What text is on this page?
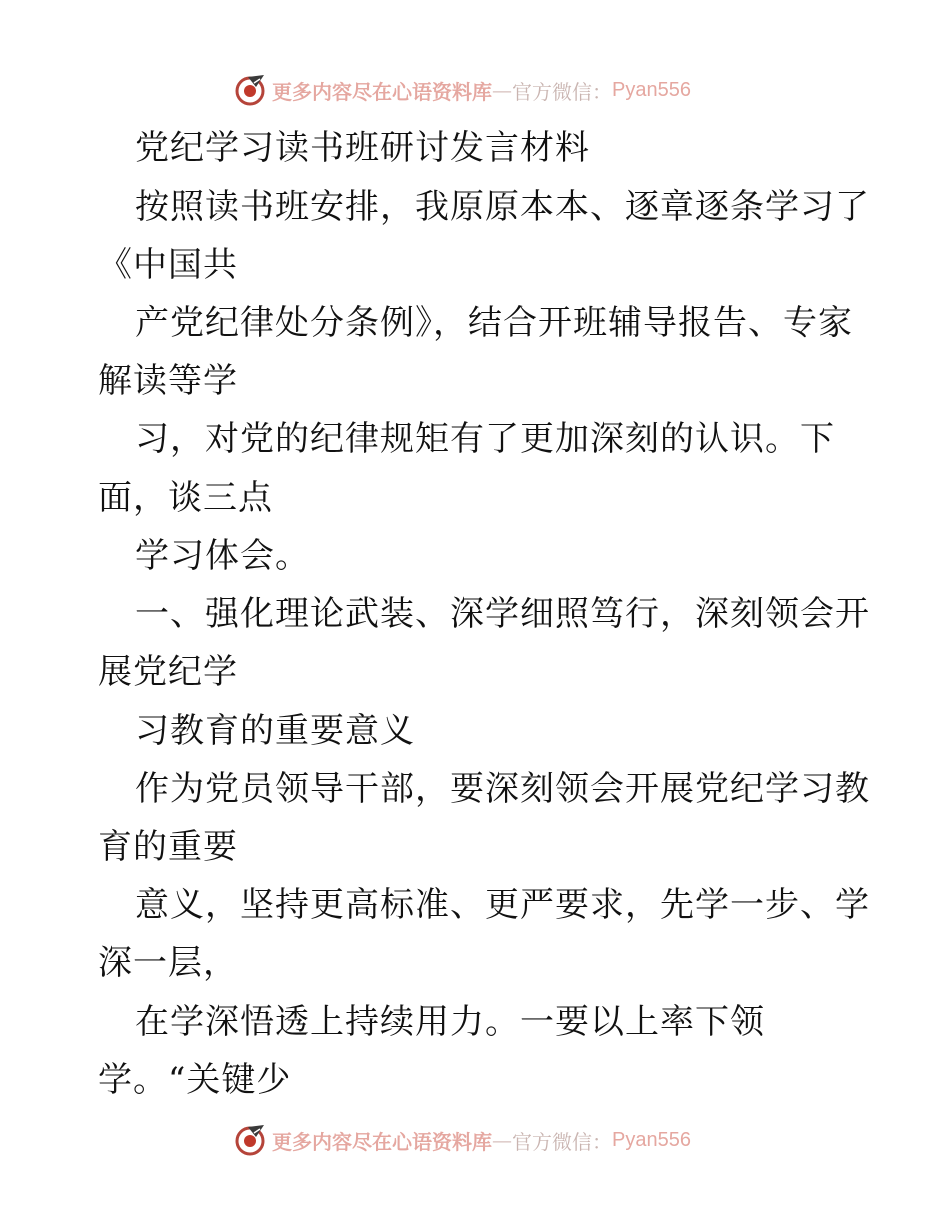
更多内容尽在心语资料库 — 官方微信： Pyan556
党纪学习读书班研讨发言材料
按照读书班安排，我原原本本、逐章逐条学习了
《中国共
产党纪律处分条例》，结合开班辅导报告、专家
解读等学
习，对党的纪律规矩有了更加深刻的认识。下
面，谈三点
学习体会。
一、强化理论武装、深学细照笃行，深刻领会开
展党纪学
习教育的重要意义
作为党员领导干部，要深刻领会开展党纪学习教
育的重要
意义，坚持更高标准、更严要求，先学一步、学
深一层，
在学深悟透上持续用力。一要以上率下领
学。“关键少
更多内容尽在心语资料库 — 官方微信： Pyan556
